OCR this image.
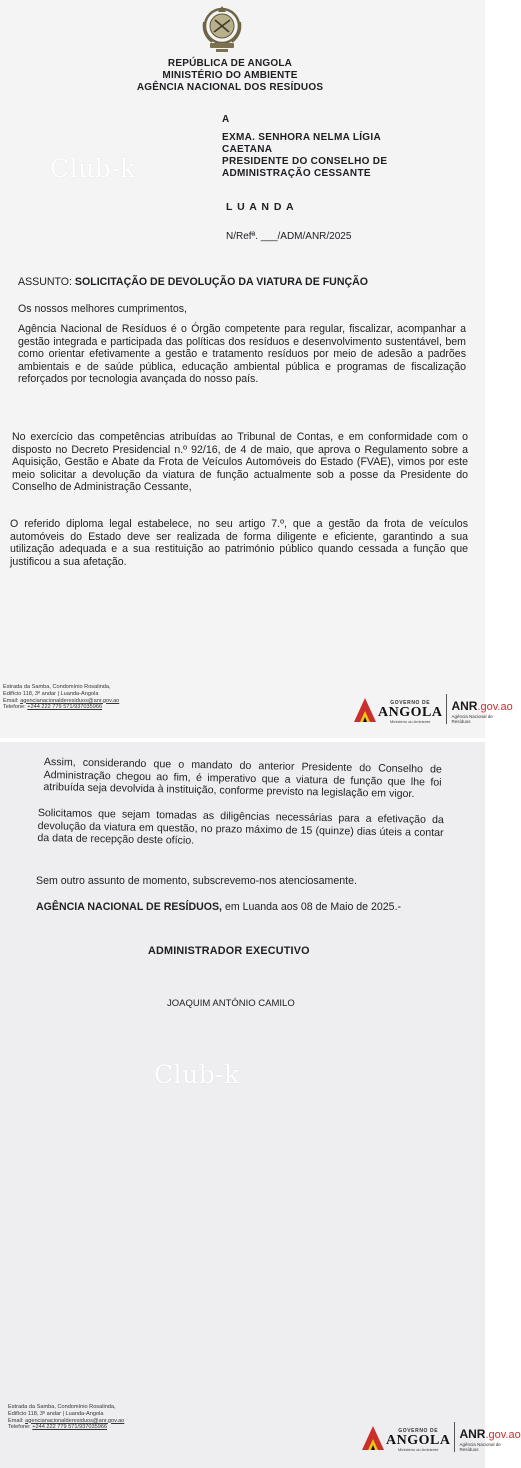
REPÚBLICA DE ANGOLA
MINISTÉRIO DO AMBIENTE
AGÊNCIA NACIONAL DOS RESÍDUOS
A
EXMA. SENHORA NELMA LÍGIA
CAETANA
PRESIDENTE DO CONSELHO DE
ADMINISTRAÇÃO CESSANTE
Club-k
L U A N D A
N/Refª. ___/ADM/ANR/2025
ASSUNTO: SOLICITAÇÃO DE DEVOLUÇÃO DA VIATURA DE FUNÇÃO
Os nossos melhores cumprimentos,
Agência Nacional de Resíduos é o Órgão competente para regular, fiscalizar, acompanhar a gestão integrada e participada das políticas dos resíduos e desenvolvimento sustentável, bem como orientar efetivamente a gestão e tratamento resíduos por meio de adesão a padrões ambientais e de saúde pública, educação ambiental pública e programas de fiscalização reforçados por tecnologia avançada do nosso país.
No exercício das competências atribuídas ao Tribunal de Contas, e em conformidade com o disposto no Decreto Presidencial n.º 92/16, de 4 de maio, que aprova o Regulamento sobre a Aquisição, Gestão e Abate da Frota de Veículos Automóveis do Estado (FVAE), vimos por este meio solicitar a devolução da viatura de função actualmente sob a posse da Presidente do Conselho de Administração Cessante,
O referido diploma legal estabelece, no seu artigo 7.º, que a gestão da frota de veículos automóveis do Estado deve ser realizada de forma diligente e eficiente, garantindo a sua utilização adequada e a sua restituição ao património público quando cessada a função que justificou a sua afetação.
Estrada da Samba, Condomínio Rosalinda,
Edifício 118, 3º andar | Luanda-Angola
Email: agencianacionalderesiduos@anr.gov.ao
Telefone: +244 222 779 571/937035966
GOVERNO DE
ANGOLA
Ministério do Ambiente
ANR.gov.ao
Agência Nacional de Resíduos
Assim, considerando que o mandato do anterior Presidente do Conselho de Administração chegou ao fim, é imperativo que a viatura de função que lhe foi atribuída seja devolvida à instituição, conforme previsto na legislação em vigor.
Solicitamos que sejam tomadas as diligências necessárias para a efetivação da devolução da viatura em questão, no prazo máximo de 15 (quinze) dias úteis a contar da data de recepção deste ofício.
Sem outro assunto de momento, subscrevemo-nos atenciosamente.
AGÊNCIA NACIONAL DE RESÍDUOS, em Luanda aos 08 de Maio de 2025.-
ADMINISTRADOR EXECUTIVO
JOAQUIM ANTÓNIO CAMILO
Club-k
Estrada da Samba, Condomínio Rosalinda,
Edifício 118, 3º andar | Luanda-Angola
Email: agencianacionalderesiduos@anr.gov.ao
Telefone: +244 222 779 571/937035966
GOVERNO DE
ANGOLA
Ministério do Ambiente
ANR.gov.ao
Agência Nacional de Resíduos
